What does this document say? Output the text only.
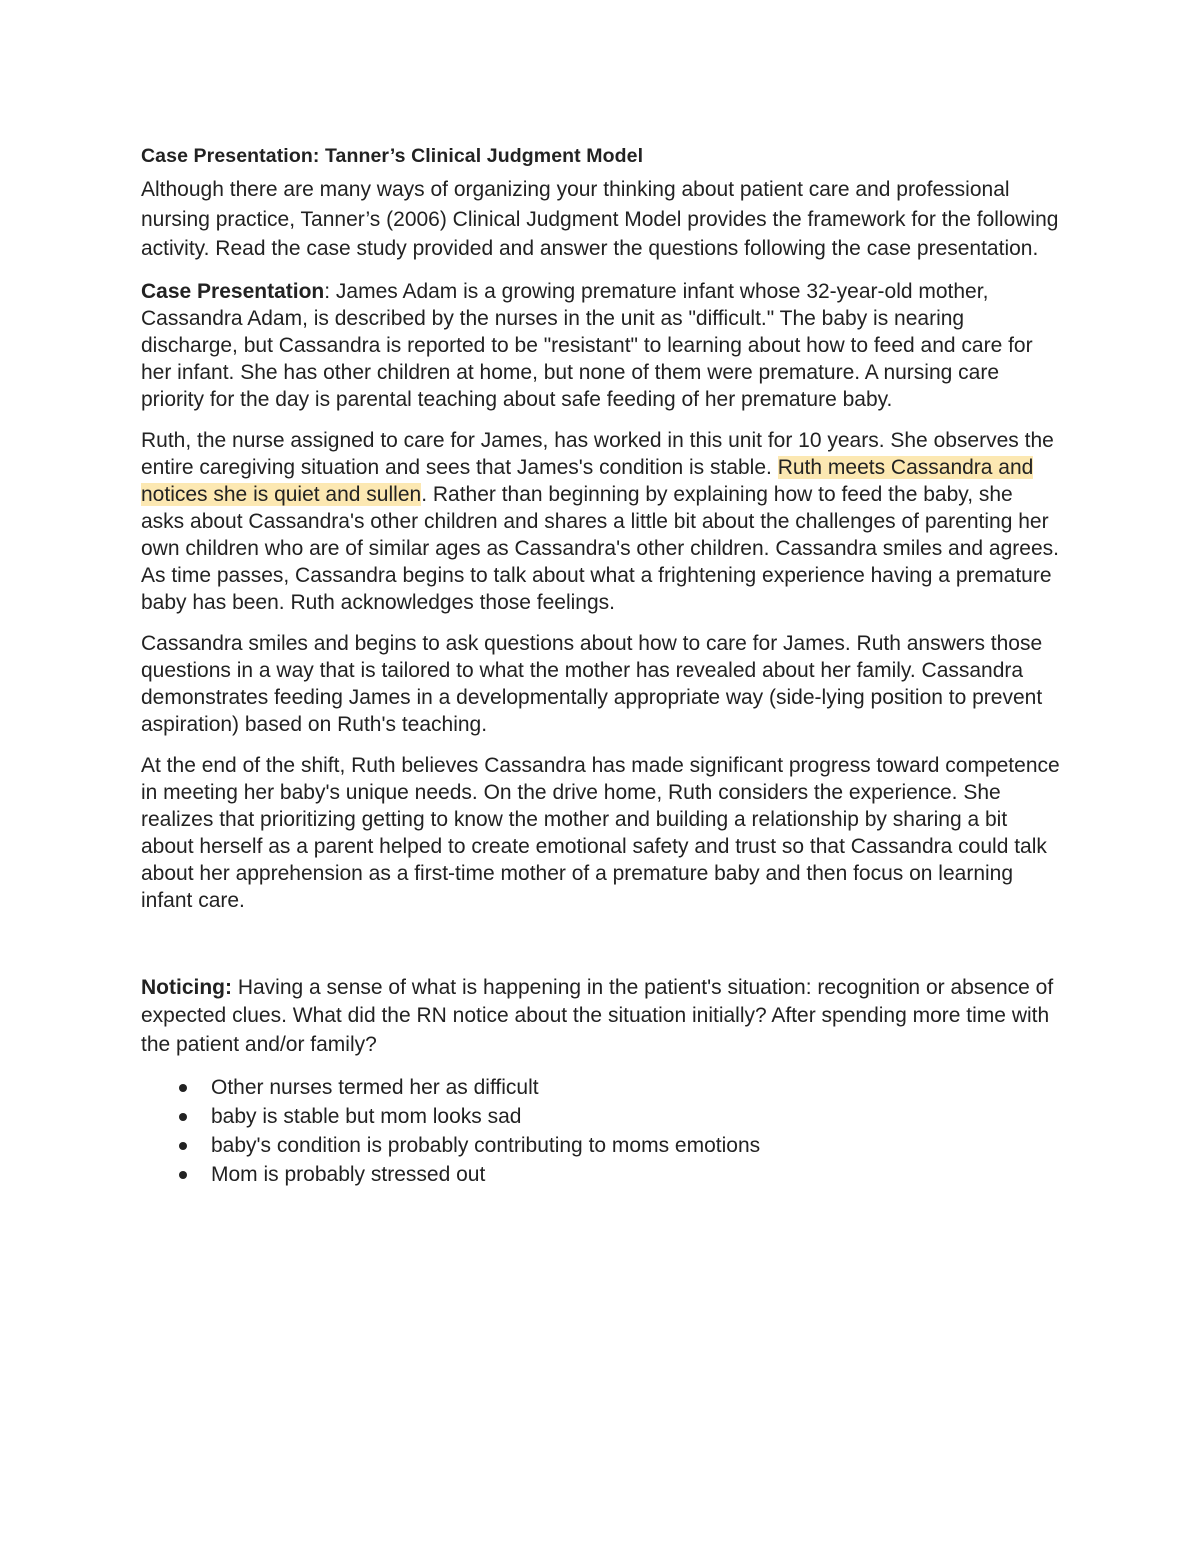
Case Presentation: Tanner’s Clinical Judgment Model

Although there are many ways of organizing your thinking about patient care and professional nursing practice, Tanner’s (2006) Clinical Judgment Model provides the framework for the following activity. Read the case study provided and answer the questions following the case presentation.

Case Presentation: James Adam is a growing premature infant whose 32-year-old mother, Cassandra Adam, is described by the nurses in the unit as "difficult." The baby is nearing discharge, but Cassandra is reported to be "resistant" to learning about how to feed and care for her infant. She has other children at home, but none of them were premature. A nursing care priority for the day is parental teaching about safe feeding of her premature baby.

Ruth, the nurse assigned to care for James, has worked in this unit for 10 years. She observes the entire caregiving situation and sees that James's condition is stable. Ruth meets Cassandra and notices she is quiet and sullen. Rather than beginning by explaining how to feed the baby, she asks about Cassandra's other children and shares a little bit about the challenges of parenting her own children who are of similar ages as Cassandra's other children. Cassandra smiles and agrees. As time passes, Cassandra begins to talk about what a frightening experience having a premature baby has been. Ruth acknowledges those feelings.

Cassandra smiles and begins to ask questions about how to care for James. Ruth answers those questions in a way that is tailored to what the mother has revealed about her family. Cassandra demonstrates feeding James in a developmentally appropriate way (side-lying position to prevent aspiration) based on Ruth's teaching.

At the end of the shift, Ruth believes Cassandra has made significant progress toward competence in meeting her baby's unique needs. On the drive home, Ruth considers the experience. She realizes that prioritizing getting to know the mother and building a relationship by sharing a bit about herself as a parent helped to create emotional safety and trust so that Cassandra could talk about her apprehension as a first-time mother of a premature baby and then focus on learning infant care.

Noticing: Having a sense of what is happening in the patient's situation: recognition or absence of expected clues. What did the RN notice about the situation initially? After spending more time with the patient and/or family?

Other nurses termed her as difficult
baby is stable but mom looks sad
baby's condition is probably contributing to moms emotions
Mom is probably stressed out
